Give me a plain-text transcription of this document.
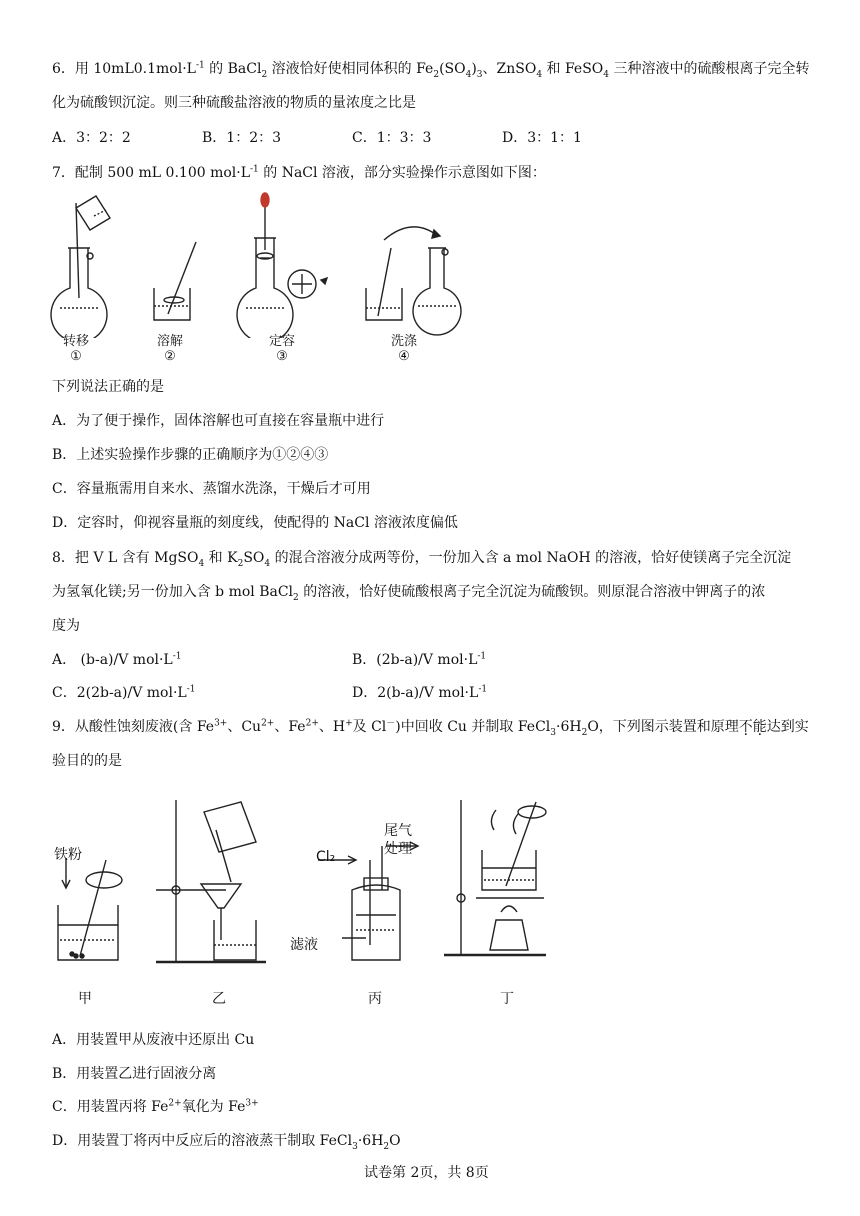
6．用 $10mL0.1mol\cdot L^{-1}$ 的 BaCl$_2$ 溶液恰好使相同体积的 $Fe_2(SO_4)_3$、ZnSO$_4$ 和 FeSO$_4$ 三种溶液中的硫酸根离子完全转
化为硫酸钡沉淀。则三种硫酸盐溶液的物质的量浓度之比是
A．3：2：2	B．1：2：3	C．1：3：3	D．3：1：1
7．配制 500 mL 0.100 $mol\cdot L^{-1}$ 的 NaCl 溶液，部分实验操作示意图如下图：
转移
①
溶解
②
定容
③
洗涤
④
下列说法正确的是
A．为了便于操作，固体溶解也可直接在容量瓶中进行
B．上述实验操作步骤的正确顺序为①②④③
C．容量瓶需用自来水、蒸馏水洗涤，干燥后才可用
D．定容时，仰视容量瓶的刻度线，使配得的 NaCl 溶液浓度偏低
8．把 V L 含有 MgSO$_4$ 和 $K_2SO_4$ 的混合溶液分成两等份，一份加入含 a mol NaOH 的溶液，恰好使镁离子完全沉淀
为氢氧化镁;另一份加入含 b mol BaCl$_2$ 的溶液，恰好使硫酸根离子完全沉淀为硫酸钡。则原混合溶液中钾离子的浓
度为
A． (b-a)/V $mol\cdot L^{-1}$	B．(2b-a)/V $mol\cdot L^{-1}$
C．2(2b-a)/V $mol\cdot L^{-1}$	D．2(b-a)/V $mol\cdot L^{-1}$
9．从酸性蚀刻废液(含 $Fe^{3+}$、$Cu^{2+}$、$Fe^{2+}$、H+及 Cl－)中回收 Cu 并制取 $FeCl_3\cdot 6H_2O$，下列图示装置和原理不能达到实
验目的的是
铁粉	Cl₂
尾气
处理
滤液
甲	乙	丙	丁
A．用装置甲从废液中还原出 Cu
B．用装置乙进行固液分离
C．用装置丙将 $Fe^{2+}$氧化为 $Fe^{3+}$
D．用装置丁将丙中反应后的溶液蒸干制取 $FeCl_3\cdot 6H_2O$
试卷第 2页，共 8页
